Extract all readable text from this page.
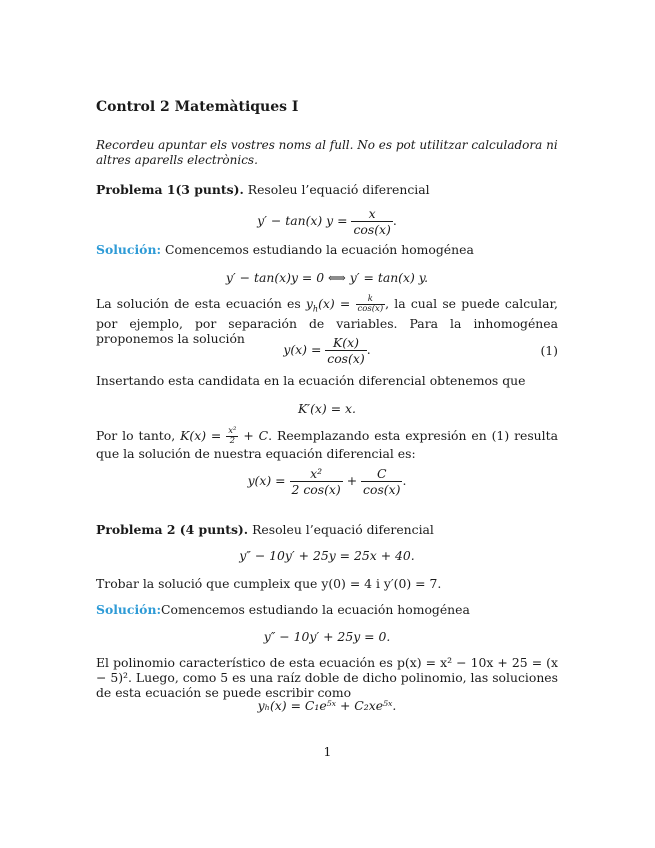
Control 2 Matemàtiques I
Recordeu apuntar els vostres noms al full. No es pot utilitzar calculadora ni altres aparells electrònics.
Problema 1(3 punts). Resoleu l’equació diferencial
y′ − tan(x) $y = \frac{x}{\cos(x)}$ .
Solución: Comencemos estudiando la ecuación homogénea
y′ − tan(x)y = 0 ⟺ y′ = tan(x) y.
La solución de esta ecuación es $y_h(x) = \frac{k}{\cos(x)}$ , la cual se puede calcular, por ejemplo, por separación de variables. Para la inhomogénea proponemos la solución
$y(x) = \frac{K(x)}{\cos(x)}$ .	(1)
Insertando esta candidata en la ecuación diferencial obtenemos que
K′(x) = x.
Por lo tanto, $K(x) = \frac{\text{x²}}{2} + C$. Reemplazando esta expresión en (1) resulta que la solución de nuestra equación diferencial es:
$y(x) = \frac{\text{x²}}{2 \cos(x)} + \frac{C}{\cos(x)}$ .
Problema 2 (4 punts). Resoleu l’equació diferencial
y″ − 10y′ + 25y = 25x + 40.
Trobar la solució que cumpleix que y(0) = 4 i y′(0) = 7.
Solución:Comencemos estudiando la ecuación homogénea
y″ − 10y′ + 25y = 0.
El polinomio característico de esta ecuación es p(x) = x² − 10x + 25 = (x − 5)². Luego, como 5 es una raíz doble de dicho polinomio, las soluciones de esta ecuación se puede escribir como
yₕ(x) = C₁e⁵ˣ + C₂xe⁵ˣ.
1
